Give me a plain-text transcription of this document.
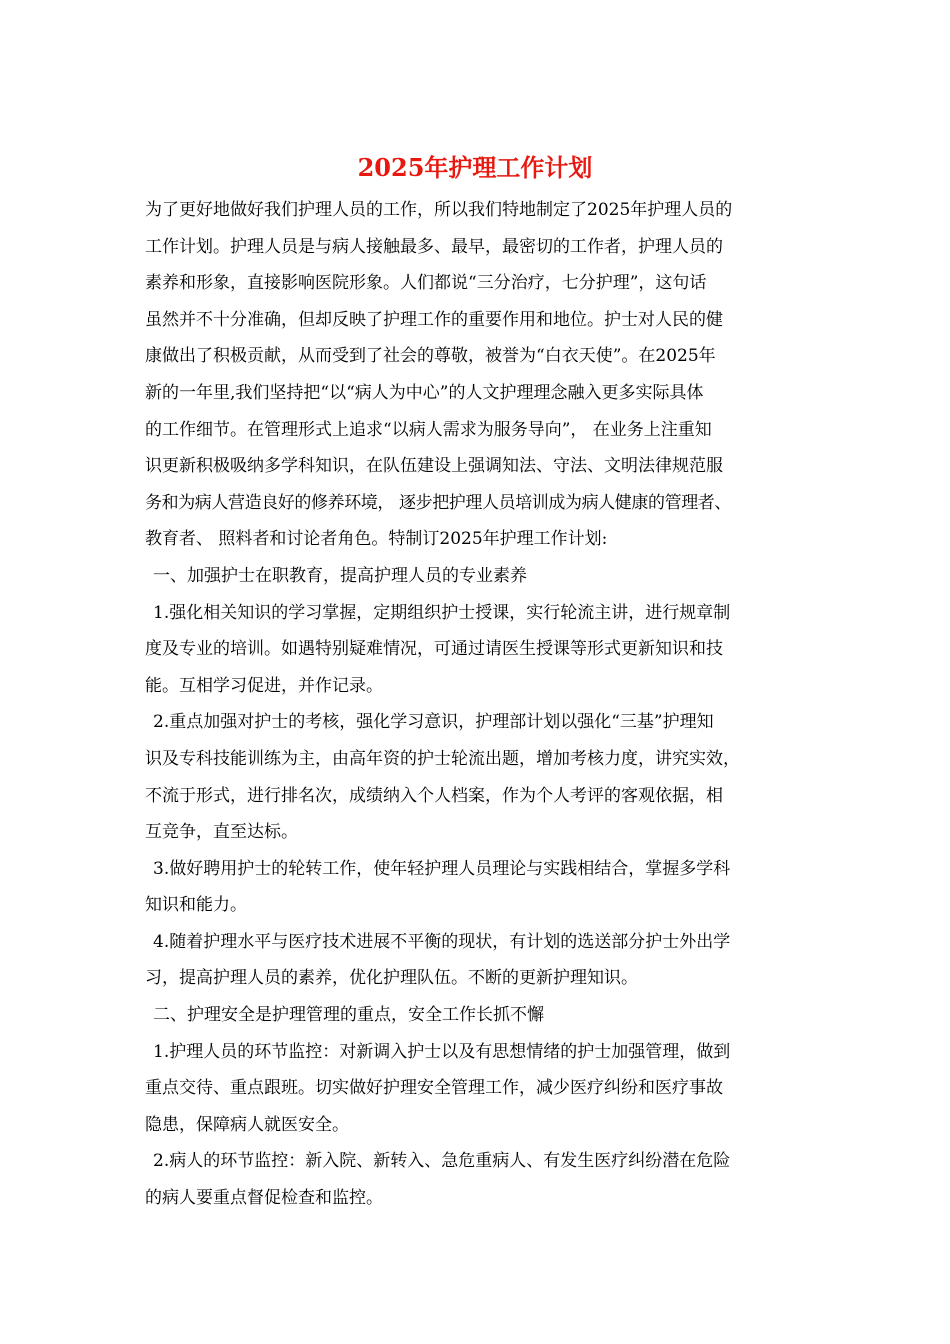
2025年护理工作计划
为了更好地做好我们护理人员的工作，所以我们特地制定了2025年护理人员的
工作计划。护理人员是与病人接触最多、最早，最密切的工作者，护理人员的
素养和形象，直接影响医院形象。人们都说“三分治疗，七分护理”，这句话
虽然并不十分准确，但却反映了护理工作的重要作用和地位。护士对人民的健
康做出了积极贡献，从而受到了社会的尊敬，被誉为“白衣天使”。在2025年
新的一年里,我们坚持把“以“病人为中心”的人文护理理念融入更多实际具体
的工作细节。在管理形式上追求“以病人需求为服务导向”， 在业务上注重知
识更新积极吸纳多学科知识，在队伍建设上强调知法、守法、文明法律规范服
务和为病人营造良好的修养环境， 逐步把护理人员培训成为病人健康的管理者、
教育者、 照料者和讨论者角色。特制订2025年护理工作计划:
一、加强护士在职教育，提高护理人员的专业素养
1.强化相关知识的学习掌握，定期组织护士授课，实行轮流主讲，进行规章制
度及专业的培训。如遇特别疑难情况，可通过请医生授课等形式更新知识和技
能。互相学习促进，并作记录。
2.重点加强对护士的考核，强化学习意识，护理部计划以强化“三基”护理知
识及专科技能训练为主，由高年资的护士轮流出题，增加考核力度，讲究实效，
不流于形式，进行排名次，成绩纳入个人档案，作为个人考评的客观依据，相
互竞争，直至达标。
3.做好聘用护士的轮转工作，使年轻护理人员理论与实践相结合，掌握多学科
知识和能力。
4.随着护理水平与医疗技术进展不平衡的现状，有计划的选送部分护士外出学
习，提高护理人员的素养，优化护理队伍。不断的更新护理知识。
二、护理安全是护理管理的重点，安全工作长抓不懈
1.护理人员的环节监控：对新调入护士以及有思想情绪的护士加强管理，做到
重点交待、重点跟班。切实做好护理安全管理工作，减少医疗纠纷和医疗事故
隐患，保障病人就医安全。
2.病人的环节监控：新入院、新转入、急危重病人、有发生医疗纠纷潜在危险
的病人要重点督促检查和监控。
